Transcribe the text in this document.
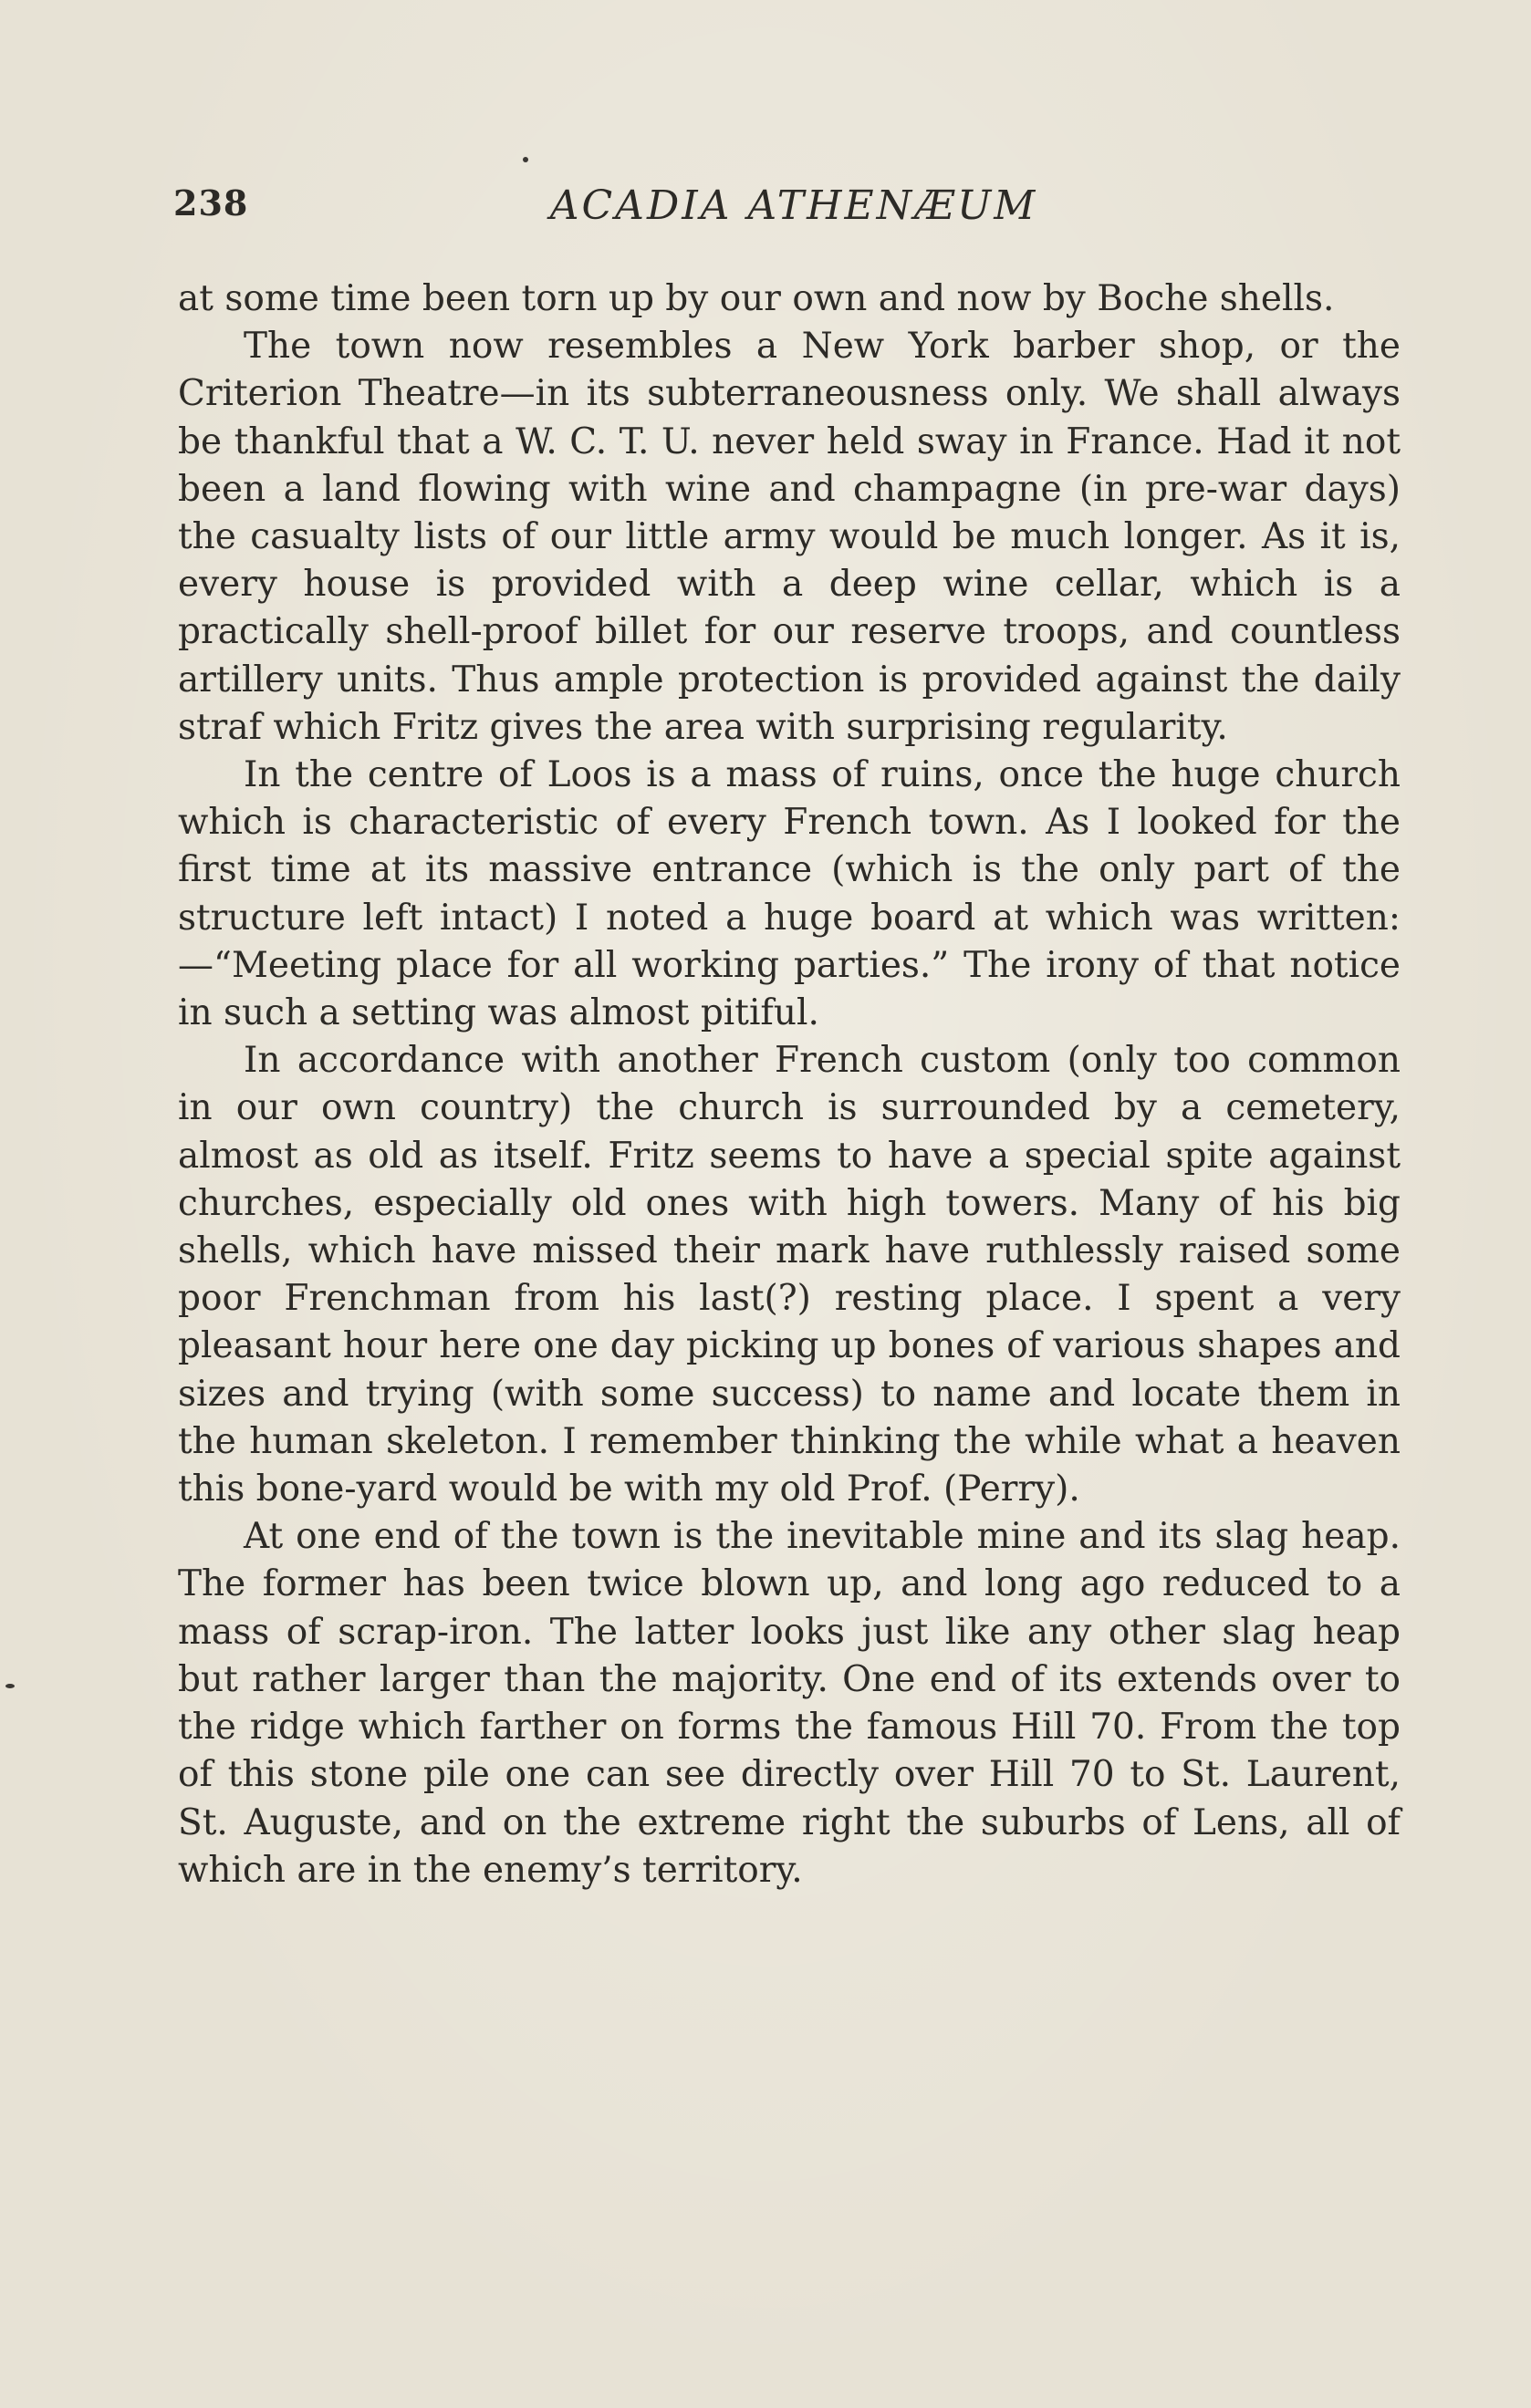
238	ACADIA ATHENÆUM

at some time been torn up by our own and now by Boche shells.

The town now resembles a New York barber shop, or the Criterion Theatre—in its subterraneousness only. We shall always be thankful that a W. C. T. U. never held sway in France. Had it not been a land flowing with wine and champagne (in pre-war days) the casualty lists of our little army would be much longer. As it is, every house is provided with a deep wine cellar, which is a practically shell-proof billet for our reserve troops, and countless artillery units. Thus ample protection is provided against the daily straf which Fritz gives the area with surprising regularity.

In the centre of Loos is a mass of ruins, once the huge church which is characteristic of every French town. As I looked for the first time at its massive entrance (which is the only part of the structure left intact) I noted a huge board at which was written:—“Meeting place for all working parties.” The irony of that notice in such a setting was almost pitiful.

In accordance with another French custom (only too common in our own country) the church is surrounded by a cemetery, almost as old as itself. Fritz seems to have a special spite against churches, especially old ones with high towers. Many of his big shells, which have missed their mark have ruthlessly raised some poor Frenchman from his last(?) resting place. I spent a very pleasant hour here one day picking up bones of various shapes and sizes and trying (with some success) to name and locate them in the human skeleton. I remember thinking the while what a heaven this bone-yard would be with my old Prof. (Perry).

At one end of the town is the inevitable mine and its slag heap. The former has been twice blown up, and long ago reduced to a mass of scrap-iron. The latter looks just like any other slag heap but rather larger than the majority. One end of its extends over to the ridge which farther on forms the famous Hill 70. From the top of this stone pile one can see directly over Hill 70 to St. Laurent, St. Auguste, and on the extreme right the suburbs of Lens, all of which are in the enemy’s territory.
